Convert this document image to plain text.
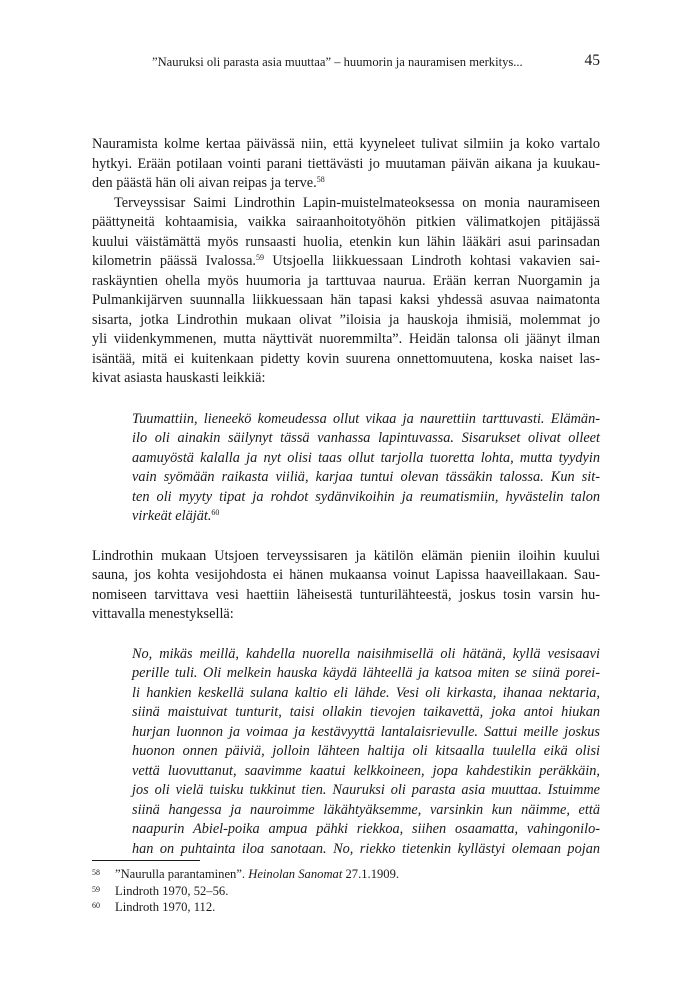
”Nauruksi oli parasta asia muuttaa” – huumorin ja nauramisen merkitys...	45

Nauramista kolme kertaa päivässä niin, että kyyneleet tulivat silmiin ja koko vartalo
hytkyi. Erään potilaan vointi parani tiettävästi jo muutaman päivän aikana ja kuukau-
den päästä hän oli aivan reipas ja terve.$^{58}$

Terveyssisar Saimi Lindrothin Lapin-muistelmateoksessa on monia nauramiseen
päättyneitä kohtaamisia, vaikka sairaanhoitotyöhön pitkien välimatkojen pitäjässä
kuului väistämättä myös runsaasti huolia, etenkin kun lähin lääkäri asui parinsadan
kilometrin päässä Ivalossa.$^{59}$ Utsjoella liikkuessaan Lindroth kohtasi vakavien sai-
raskäyntien ohella myös huumoria ja tarttuvaa naurua. Erään kerran Nuorgamin ja
Pulmankijärven suunnalla liikkuessaan hän tapasi kaksi yhdessä asuvaa naimatonta
sisarta, jotka Lindrothin mukaan olivat ”iloisia ja hauskoja ihmisiä, molemmat jo
yli viidenkymmenen, mutta näyttivät nuoremmilta”. Heidän talonsa oli jäänyt ilman
isäntää, mitä ei kuitenkaan pidetty kovin suurena onnettomuutena, koska naiset las-
kivat asiasta hauskasti leikkiä:

Tuumattiin, lieneekö komeudessa ollut vikaa ja naurettiin tarttuvasti. Elämän-
ilo oli ainakin säilynyt tässä vanhassa lapintuvassa. Sisarukset olivat olleet
aamuyöstä kalalla ja nyt olisi taas ollut tarjolla tuoretta lohta, mutta tyydyin
vain syömään raikasta viiliä, karjaa tuntui olevan tässäkin talossa. Kun sit-
ten oli myyty tipat ja rohdot sydänvikoihin ja reumatismiin, hyvästelin talon
virkeät eläjät.$^{60}$

Lindrothin mukaan Utsjoen terveyssisaren ja kätilön elämän pieniin iloihin kuului
sauna, jos kohta vesijohdosta ei hänen mukaansa voinut Lapissa haaveillakaan. Sau-
nomiseen tarvittava vesi haettiin läheisestä tunturilähteestä, joskus tosin varsin hu-
vittavalla menestyksellä:

No, mikäs meillä, kahdella nuorella naisihmisellä oli hätänä, kyllä vesisaavi
perille tuli. Oli melkein hauska käydä lähteellä ja katsoa miten se siinä porei-
li hankien keskellä sulana kaltio eli lähde. Vesi oli kirkasta, ihanaa nektaria,
siinä maistuivat tunturit, taisi ollakin tievojen taikavettä, joka antoi hiukan
hurjan luonnon ja voimaa ja kestävyyttä lantalaisrievulle. Sattui meille joskus
huonon onnen päiviä, jolloin lähteen haltija oli kitsaalla tuulella eikä olisi
vettä luovuttanut, saavimme kaatui kelkkoineen, jopa kahdestikin peräkkäin,
jos oli vielä tuisku tukkinut tien. Nauruksi oli parasta asia muuttaa. Istuimme
siinä hangessa ja nauroimme läkähtyäksemme, varsinkin kun näimme, että
naapurin Abiel-poika ampua pähki riekkoa, siihen osaamatta, vahingonilo-
han on puhtainta iloa sanotaan. No, riekko tietenkin kyllästyi olemaan pojan

58 ”Naurulla parantaminen”. Heinolan Sanomat 27.1.1909.
59 Lindroth 1970, 52–56.
60 Lindroth 1970, 112.
